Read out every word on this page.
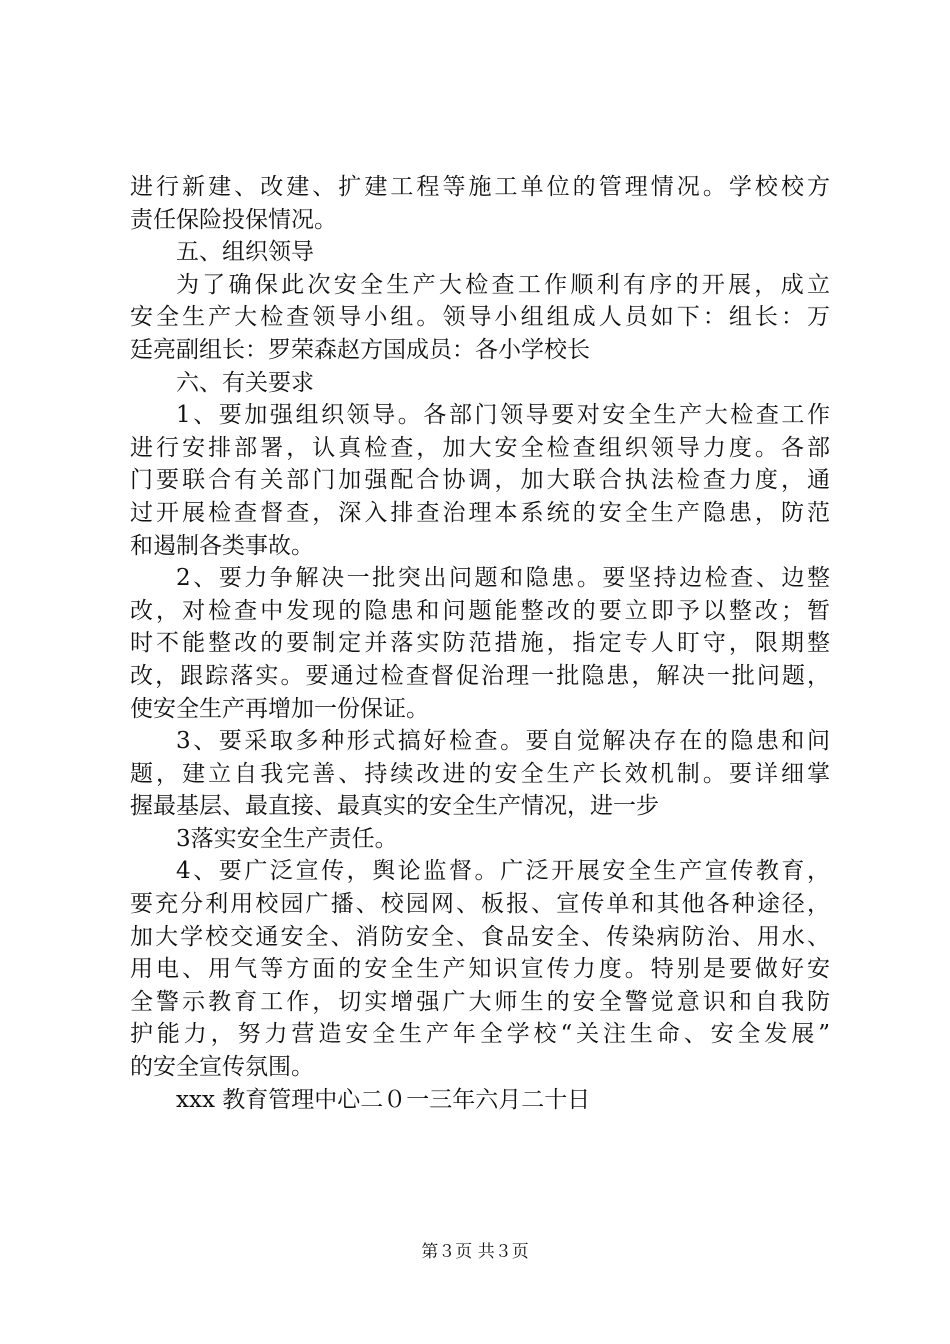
进行新建、改建、扩建工程等施工单位的管理情况。学校校方
责任保险投保情况。
五、组织领导
为了确保此次安全生产大检查工作顺利有序的开展，成立
安全生产大检查领导小组。领导小组组成人员如下：组长：万
廷亮副组长：罗荣森赵方国成员：各小学校长
六、有关要求
1、要加强组织领导。各部门领导要对安全生产大检查工作
进行安排部署，认真检查，加大安全检查组织领导力度。各部
门要联合有关部门加强配合协调，加大联合执法检查力度，通
过开展检查督查，深入排查治理本系统的安全生产隐患，防范
和遏制各类事故。
2、要力争解决一批突出问题和隐患。要坚持边检查、边整
改，对检查中发现的隐患和问题能整改的要立即予以整改；暂
时不能整改的要制定并落实防范措施，指定专人盯守，限期整
改，跟踪落实。要通过检查督促治理一批隐患，解决一批问题，
使安全生产再增加一份保证。
3、要采取多种形式搞好检查。要自觉解决存在的隐患和问
题，建立自我完善、持续改进的安全生产长效机制。要详细掌
握最基层、最直接、最真实的安全生产情况，进一步
3落实安全生产责任。
4、要广泛宣传，舆论监督。广泛开展安全生产宣传教育，
要充分利用校园广播、校园网、板报、宣传单和其他各种途径，
加大学校交通安全、消防安全、食品安全、传染病防治、用水、
用电、用气等方面的安全生产知识宣传力度。特别是要做好安
全警示教育工作，切实增强广大师生的安全警觉意识和自我防
护能力，努力营造安全生产年全学校“关注生命、安全发展”
的安全宣传氛围。
xxx 教育管理中心二０一三年六月二十日
第３页 共３页
